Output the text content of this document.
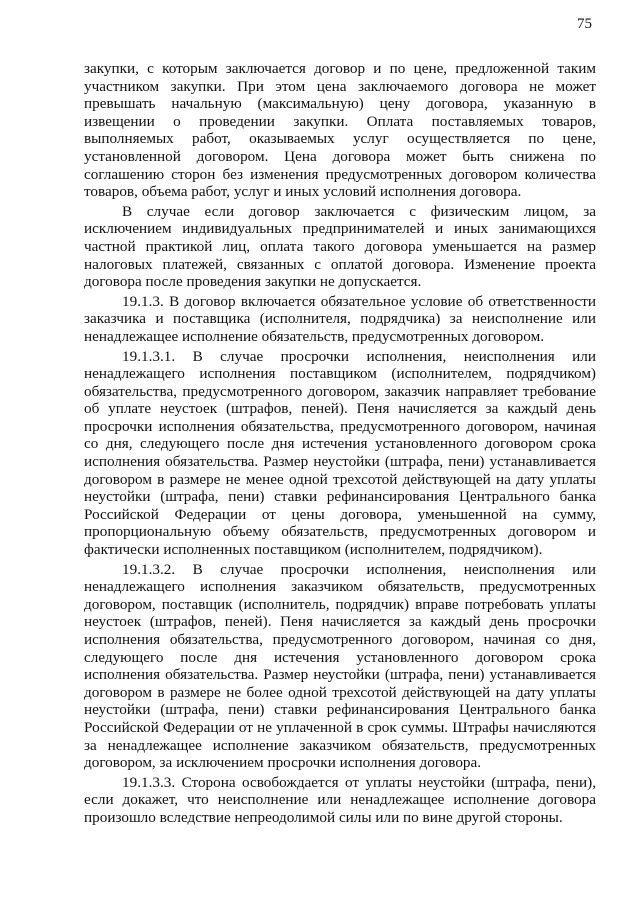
75

закупки, с которым заключается договор и по цене, предложенной таким участником закупки. При этом цена заключаемого договора не может превышать начальную (максимальную) цену договора, указанную в извещении о проведении закупки. Оплата поставляемых товаров, выполняемых работ, оказываемых услуг осуществляется по цене, установленной договором. Цена договора может быть снижена по соглашению сторон без изменения предусмотренных договором количества товаров, объема работ, услуг и иных условий исполнения договора.

В случае если договор заключается с физическим лицом, за исключением индивидуальных предпринимателей и иных занимающихся частной практикой лиц, оплата такого договора уменьшается на размер налоговых платежей, связанных с оплатой договора. Изменение проекта договора после проведения закупки не допускается.

19.1.3. В договор включается обязательное условие об ответственности заказчика и поставщика (исполнителя, подрядчика) за неисполнение или ненадлежащее исполнение обязательств, предусмотренных договором.

19.1.3.1. В случае просрочки исполнения, неисполнения или ненадлежащего исполнения поставщиком (исполнителем, подрядчиком) обязательства, предусмотренного договором, заказчик направляет требование об уплате неустоек (штрафов, пеней). Пеня начисляется за каждый день просрочки исполнения обязательства, предусмотренного договором, начиная со дня, следующего после дня истечения установленного договором срока исполнения обязательства. Размер неустойки (штрафа, пени) устанавливается договором в размере не менее одной трехсотой действующей на дату уплаты неустойки (штрафа, пени) ставки рефинансирования Центрального банка Российской Федерации от цены договора, уменьшенной на сумму, пропорциональную объему обязательств, предусмотренных договором и фактически исполненных поставщиком (исполнителем, подрядчиком).

19.1.3.2. В случае просрочки исполнения, неисполнения или ненадлежащего исполнения заказчиком обязательств, предусмотренных договором, поставщик (исполнитель, подрядчик) вправе потребовать уплаты неустоек (штрафов, пеней). Пеня начисляется за каждый день просрочки исполнения обязательства, предусмотренного договором, начиная со дня, следующего после дня истечения установленного договором срока исполнения обязательства. Размер неустойки (штрафа, пени) устанавливается договором в размере не более одной трехсотой действующей на дату уплаты неустойки (штрафа, пени) ставки рефинансирования Центрального банка Российской Федерации от не уплаченной в срок суммы. Штрафы начисляются за ненадлежащее исполнение заказчиком обязательств, предусмотренных договором, за исключением просрочки исполнения договора.

19.1.3.3. Сторона освобождается от уплаты неустойки (штрафа, пени), если докажет, что неисполнение или ненадлежащее исполнение договора произошло вследствие непреодолимой силы или по вине другой стороны.
